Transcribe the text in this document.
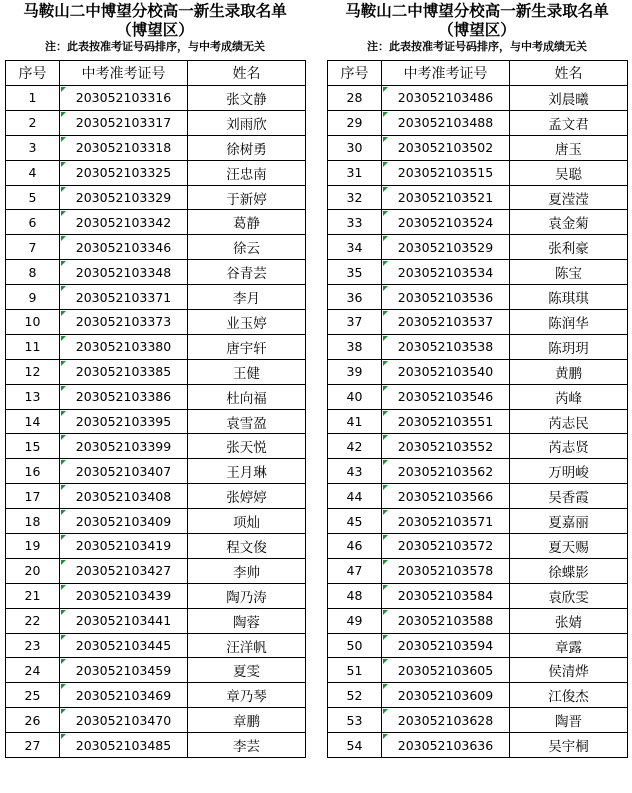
马鞍山二中博望分校高一新生录取名单
（博望区）
注：此表按准考证号码排序，与中考成绩无关
序号	中考准考证号	姓名
1	203052103316	张文静
2	203052103317	刘雨欣
3	203052103318	徐树勇
4	203052103325	汪忠南
5	203052103329	于新婷
6	203052103342	葛静
7	203052103346	徐云
8	203052103348	谷青芸
9	203052103371	李月
10	203052103373	业玉婷
11	203052103380	唐宇轩
12	203052103385	王健
13	203052103386	杜向福
14	203052103395	袁雪盈
15	203052103399	张天悦
16	203052103407	王月琳
17	203052103408	张婷婷
18	203052103409	项灿
19	203052103419	程文俊
20	203052103427	李帅
21	203052103439	陶乃涛
22	203052103441	陶蓉
23	203052103445	汪洋帆
24	203052103459	夏雯
25	203052103469	章乃琴
26	203052103470	章鹏
27	203052103485	李芸
马鞍山二中博望分校高一新生录取名单
（博望区）
注：此表按准考证号码排序，与中考成绩无关
序号	中考准考证号	姓名
28	203052103486	刘晨曦
29	203052103488	孟文君
30	203052103502	唐玉
31	203052103515	吴聪
32	203052103521	夏滢滢
33	203052103524	袁金菊
34	203052103529	张利豪
35	203052103534	陈宝
36	203052103536	陈琪琪
37	203052103537	陈润华
38	203052103538	陈玥玥
39	203052103540	黄鹏
40	203052103546	芮峰
41	203052103551	芮志民
42	203052103552	芮志贤
43	203052103562	万明峻
44	203052103566	吴香霞
45	203052103571	夏嘉丽
46	203052103572	夏天赐
47	203052103578	徐蝶影
48	203052103584	袁欣雯
49	203052103588	张婧
50	203052103594	章露
51	203052103605	侯清烨
52	203052103609	江俊杰
53	203052103628	陶晋
54	203052103636	吴宇桐
